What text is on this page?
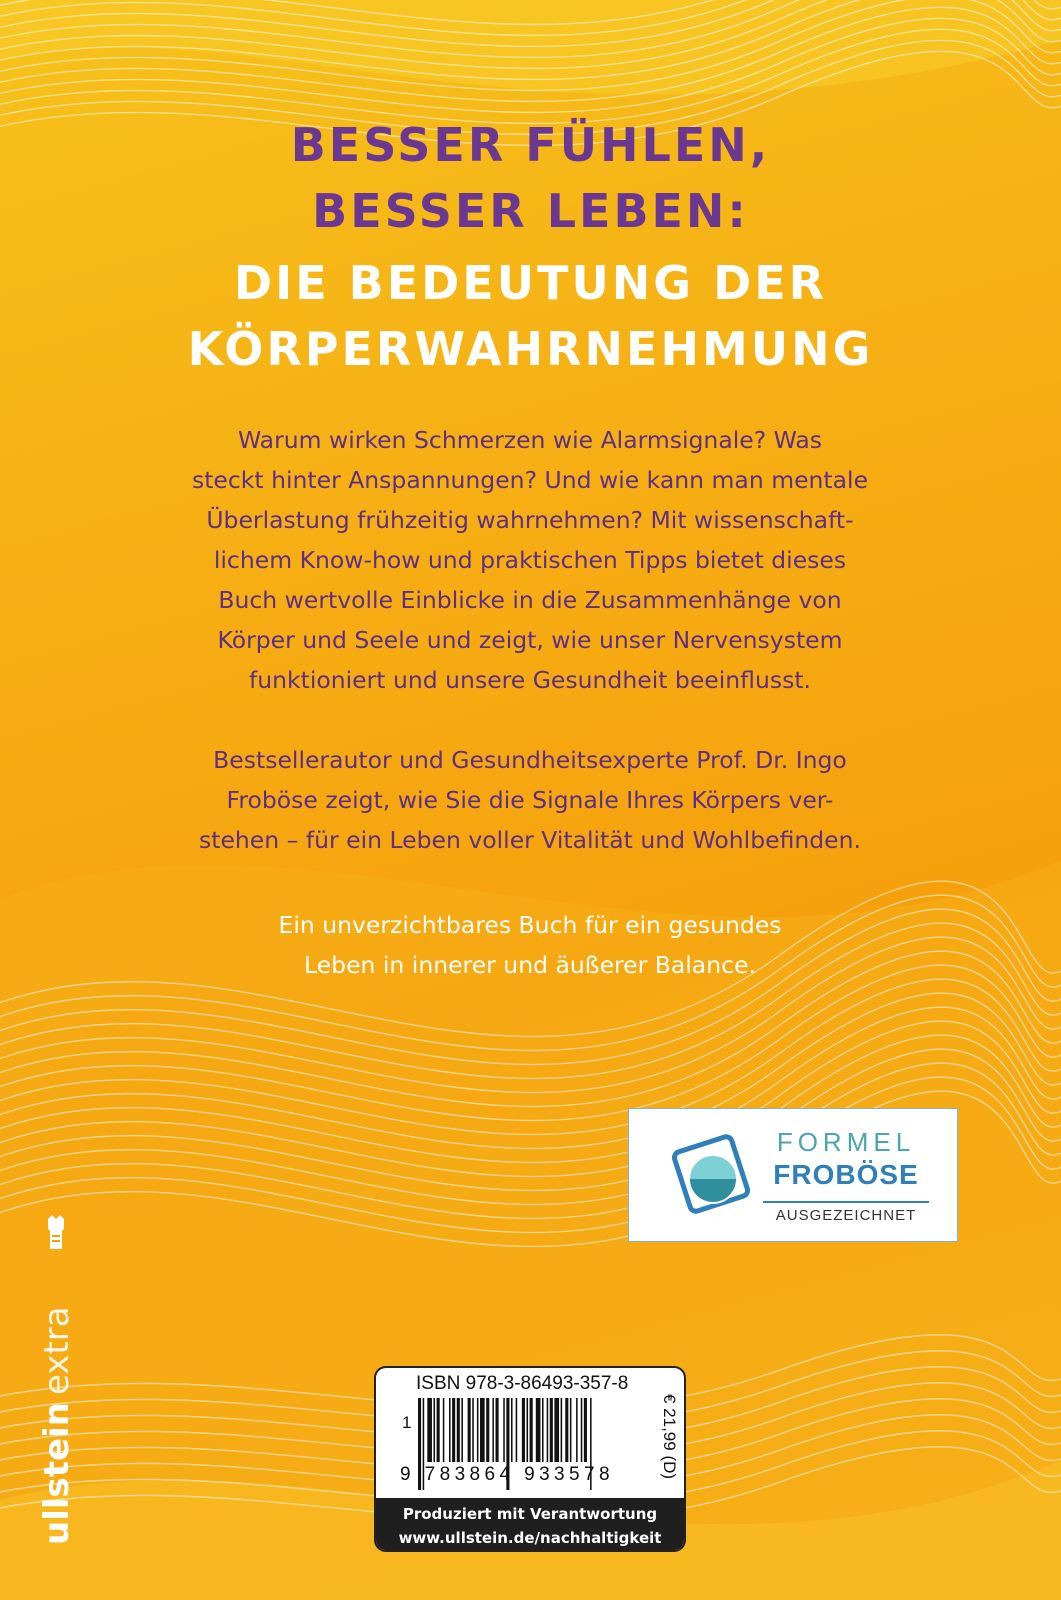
BESSER FÜHLEN,
BESSER LEBEN:
DIE BEDEUTUNG DER
KÖRPERWAHRNEHMUNG

Warum wirken Schmerzen wie Alarmsignale? Was
steckt hinter Anspannungen? Und wie kann man mentale
Überlastung frühzeitig wahrnehmen? Mit wissenschaft-
lichem Know-how und praktischen Tipps bietet dieses
Buch wertvolle Einblicke in die Zusammenhänge von
Körper und Seele und zeigt, wie unser Nervensystem
funktioniert und unsere Gesundheit beeinflusst.

Bestsellerautor und Gesundheitsexperte Prof. Dr. Ingo
Froböse zeigt, wie Sie die Signale Ihres Körpers ver-
stehen – für ein Leben voller Vitalität und Wohlbefinden.

Ein unverzichtbares Buch für ein gesundes
Leben in innerer und äußerer Balance.

FORMEL
FROBÖSE
AUSGEZEICHNET
ullstein
extra	ISBN 978-3-86493-357-8
1
9 783864 933578	€ 21,99 (D)
Produziert mit Verantwortung
www.ullstein.de/nachhaltigkeit
